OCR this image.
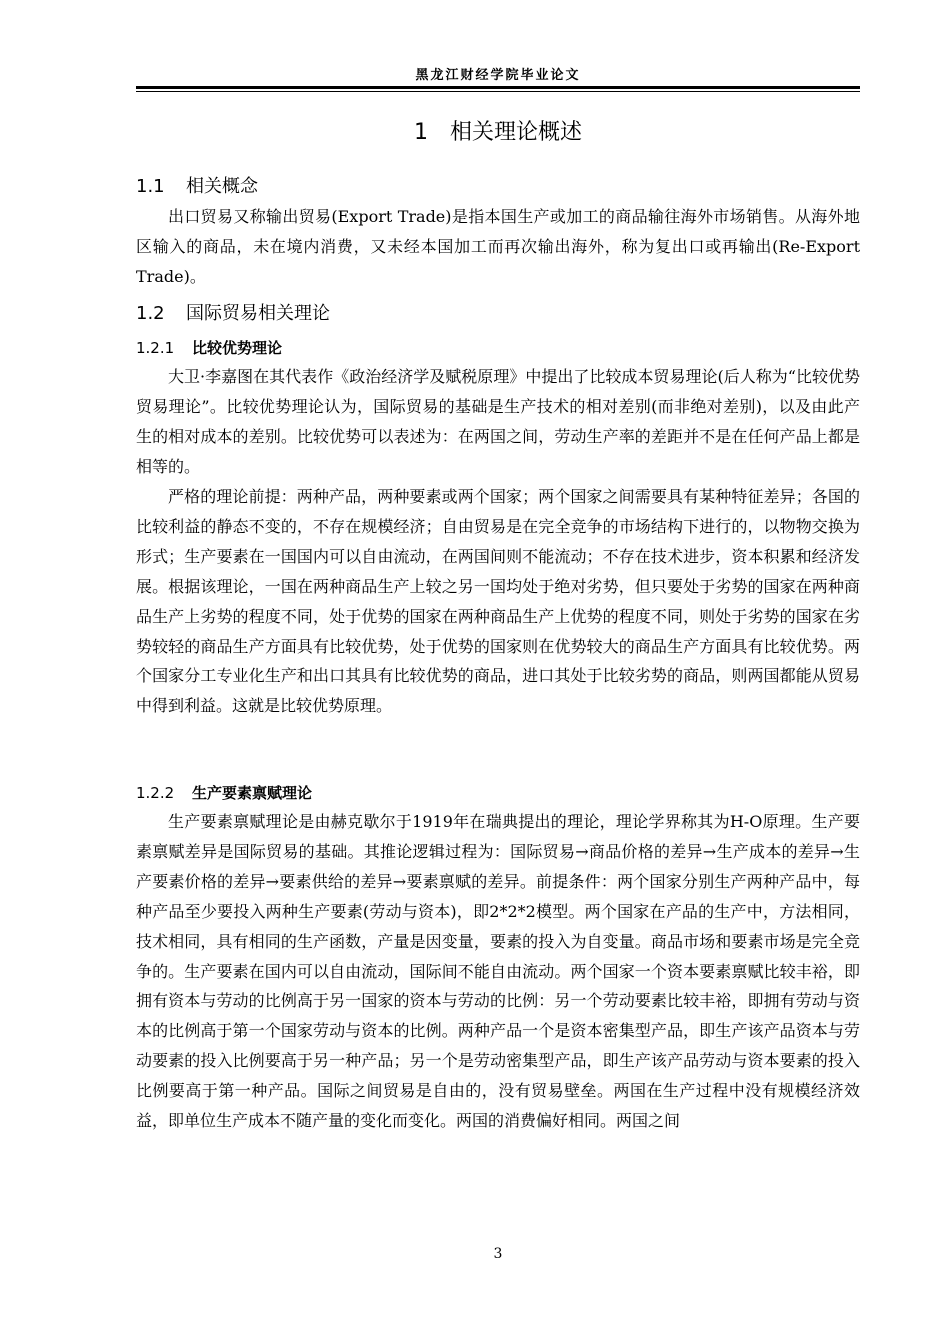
黑龙江财经学院毕业论文
1 相关理论概述
1.1 相关概念
出口贸易又称输出贸易(Export Trade)是指本国生产或加工的商品输往海外市场销售。从海外地区输入的商品，未在境内消费，又未经本国加工而再次输出海外，称为复出口或再输出(Re-Export Trade)。
1.2 国际贸易相关理论
1.2.1 比较优势理论
大卫·李嘉图在其代表作《政治经济学及赋税原理》中提出了比较成本贸易理论(后人称为“比较优势贸易理论”。比较优势理论认为，国际贸易的基础是生产技术的相对差别(而非绝对差别)，以及由此产生的相对成本的差别。比较优势可以表述为：在两国之间，劳动生产率的差距并不是在任何产品上都是相等的。
严格的理论前提：两种产品，两种要素或两个国家；两个国家之间需要具有某种特征差异；各国的比较利益的静态不变的，不存在规模经济；自由贸易是在完全竞争的市场结构下进行的，以物物交换为形式；生产要素在一国国内可以自由流动，在两国间则不能流动；不存在技术进步，资本积累和经济发展。根据该理论，一国在两种商品生产上较之另一国均处于绝对劣势，但只要处于劣势的国家在两种商品生产上劣势的程度不同，处于优势的国家在两种商品生产上优势的程度不同，则处于劣势的国家在劣势较轻的商品生产方面具有比较优势，处于优势的国家则在优势较大的商品生产方面具有比较优势。两个国家分工专业化生产和出口其具有比较优势的商品，进口其处于比较劣势的商品，则两国都能从贸易中得到利益。这就是比较优势原理。
1.2.2 生产要素禀赋理论
生产要素禀赋理论是由赫克歇尔于1919年在瑞典提出的理论，理论学界称其为H-O原理。生产要素禀赋差异是国际贸易的基础。其推论逻辑过程为：国际贸易→商品价格的差异→生产成本的差异→生产要素价格的差异→要素供给的差异→要素禀赋的差异。前提条件：两个国家分别生产两种产品中，每种产品至少要投入两种生产要素(劳动与资本)，即2*2*2模型。两个国家在产品的生产中，方法相同，技术相同，具有相同的生产函数，产量是因变量，要素的投入为自变量。商品市场和要素市场是完全竞争的。生产要素在国内可以自由流动，国际间不能自由流动。两个国家一个资本要素禀赋比较丰裕，即拥有资本与劳动的比例高于另一国家的资本与劳动的比例：另一个劳动要素比较丰裕，即拥有劳动与资本的比例高于第一个国家劳动与资本的比例。两种产品一个是资本密集型产品，即生产该产品资本与劳动要素的投入比例要高于另一种产品；另一个是劳动密集型产品，即生产该产品劳动与资本要素的投入比例要高于第一种产品。国际之间贸易是自由的，没有贸易壁垒。两国在生产过程中没有规模经济效益，即单位生产成本不随产量的变化而变化。两国的消费偏好相同。两国之间
3
